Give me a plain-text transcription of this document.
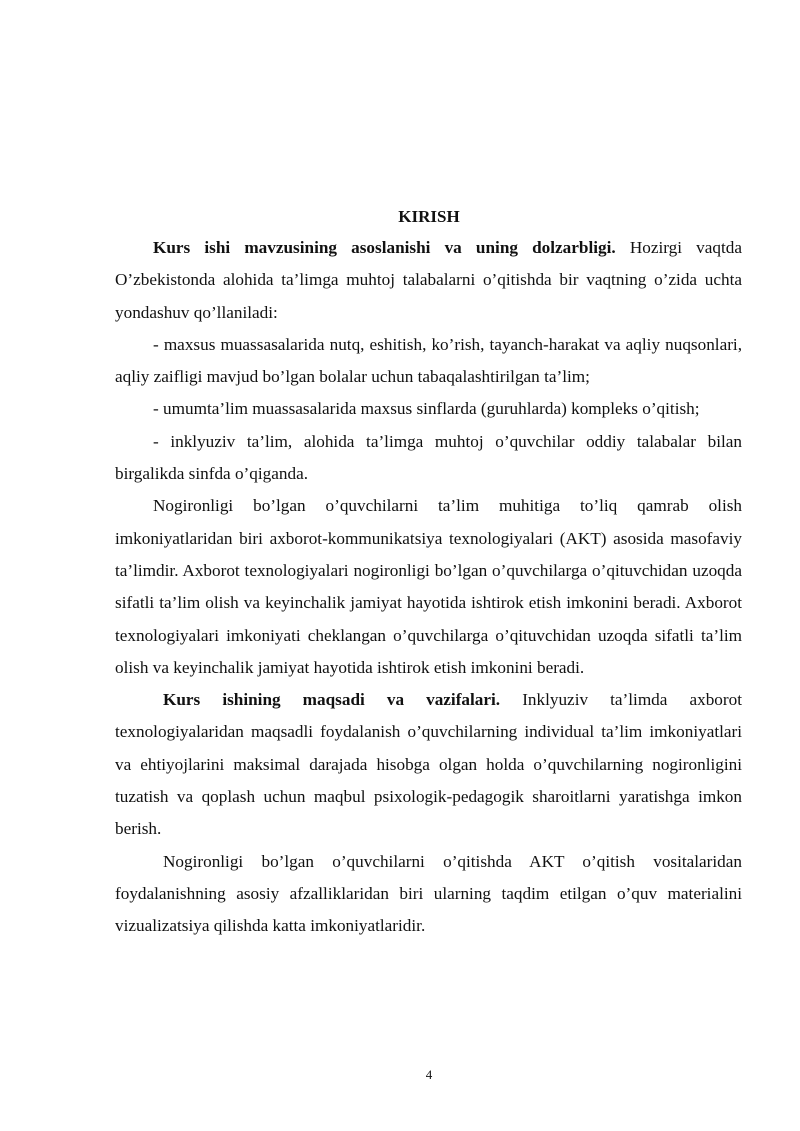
KIRISH

Kurs ishi mavzusining asoslanishi va uning dolzarbligi. Hozirgi vaqtda O’zbekistonda alohida ta’limga muhtoj talabalarni o’qitishda bir vaqtning o’zida uchta yondashuv qo’llaniladi:

- maxsus muassasalarida nutq, eshitish, ko’rish, tayanch-harakat va aqliy nuqsonlari, aqliy zaifligi mavjud bo’lgan bolalar uchun tabaqalashtirilgan ta’lim;

- umumta’lim muassasalarida maxsus sinflarda (guruhlarda) kompleks o’qitish;

- inklyuziv ta’lim, alohida ta’limga muhtoj o’quvchilar oddiy talabalar bilan birgalikda sinfda o’qiganda.

Nogironligi bo’lgan o’quvchilarni ta’lim muhitiga to’liq qamrab olish imkoniyatlaridan biri axborot-kommunikatsiya texnologiyalari (AKT) asosida masofaviy ta’limdir. Axborot texnologiyalari nogironligi bo’lgan o’quvchilarga o’qituvchidan uzoqda sifatli ta’lim olish va keyinchalik jamiyat hayotida ishtirok etish imkonini beradi. Axborot texnologiyalari imkoniyati cheklangan o’quvchilarga o’qituvchidan uzoqda sifatli ta’lim olish va keyinchalik jamiyat hayotida ishtirok etish imkonini beradi.

Kurs ishining maqsadi va vazifalari. Inklyuziv ta’limda axborot texnologiyalaridan maqsadli foydalanish o’quvchilarning individual ta’lim imkoniyatlari va ehtiyojlarini maksimal darajada hisobga olgan holda o’quvchilarning nogironligini tuzatish va qoplash uchun maqbul psixologik-pedagogik sharoitlarni yaratishga imkon berish.

Nogironligi bo’lgan o’quvchilarni o’qitishda AKT o’qitish vositalaridan foydalanishning asosiy afzalliklaridan biri ularning taqdim etilgan o’quv materialini vizualizatsiya qilishda katta imkoniyatlaridir.

4
